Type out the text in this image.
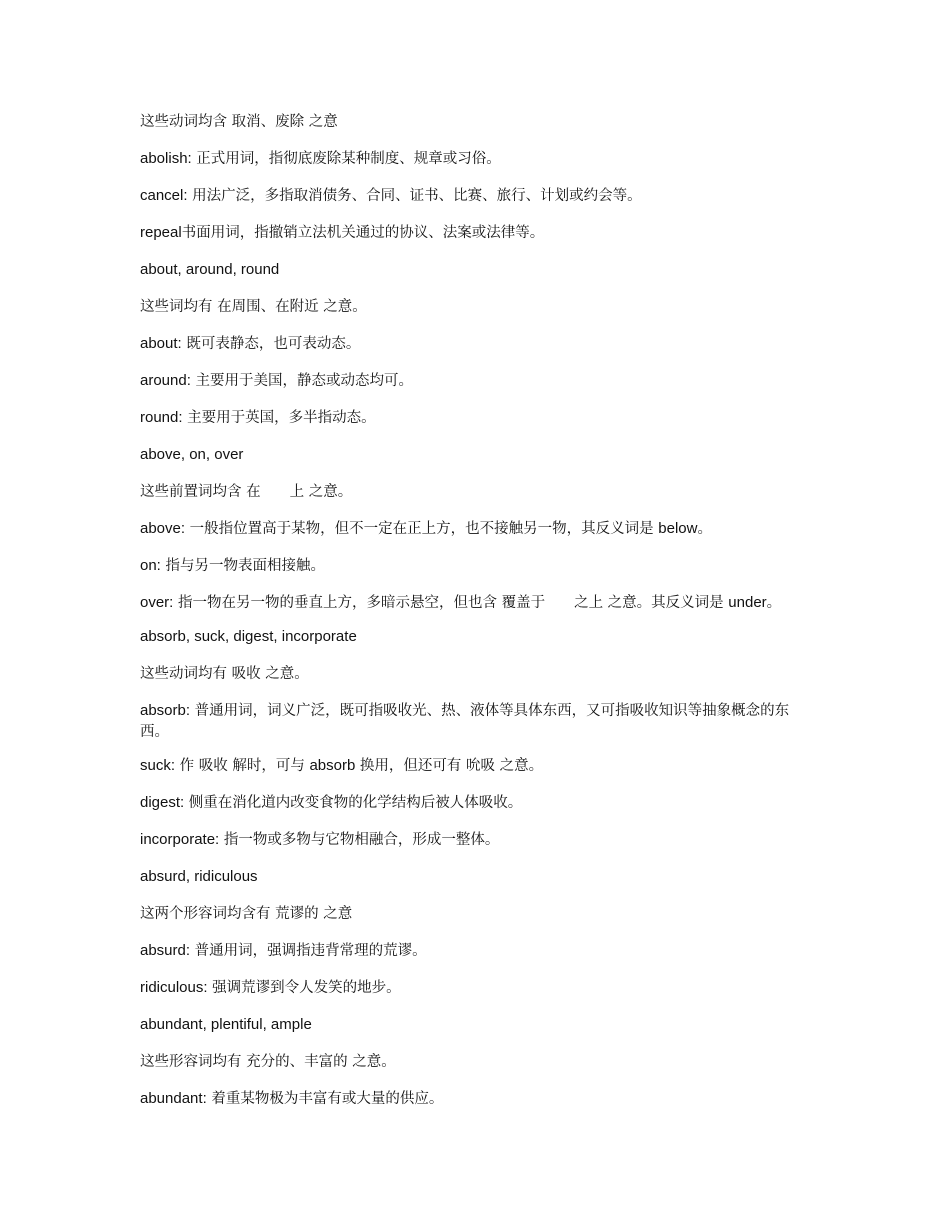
这些动词均含 取消、废除 之意

abolish: 正式用词，指彻底废除某种制度、规章或习俗。

cancel: 用法广泛，多指取消债务、合同、证书、比赛、旅行、计划或约会等。

repeal书面用词，指撤销立法机关通过的协议、法案或法律等。

about, around, round

这些词均有 在周围、在附近 之意。

about: 既可表静态，也可表动态。

around: 主要用于美国，静态或动态均可。

round: 主要用于英国，多半指动态。

above, on, over

这些前置词均含 在　　上 之意。

above: 一般指位置高于某物，但不一定在正上方，也不接触另一物，其反义词是 below。

on: 指与另一物表面相接触。

over: 指一物在另一物的垂直上方，多暗示悬空，但也含 覆盖于　　之上 之意。其反义词是 under。

absorb, suck, digest, incorporate

这些动词均有 吸收 之意。

absorb: 普通用词，词义广泛，既可指吸收光、热、液体等具体东西，又可指吸收知识等抽象概念的东西。

suck: 作 吸收 解时，可与 absorb 换用，但还可有 吮吸 之意。

digest: 侧重在消化道内改变食物的化学结构后被人体吸收。

incorporate: 指一物或多物与它物相融合，形成一整体。

absurd, ridiculous

这两个形容词均含有 荒谬的 之意

absurd: 普通用词，强调指违背常理的荒谬。

ridiculous: 强调荒谬到令人发笑的地步。

abundant, plentiful, ample

这些形容词均有 充分的、丰富的 之意。

abundant: 着重某物极为丰富有或大量的供应。
